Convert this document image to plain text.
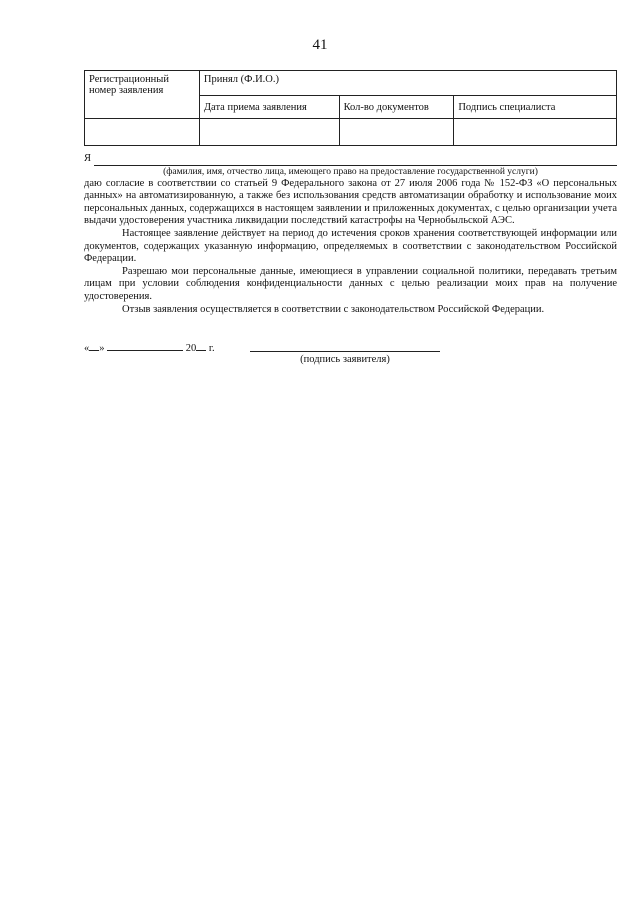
41
Регистрационный номер заявления	Принял (Ф.И.О.)		
	Дата приема заявления	Кол-во документов	Подпись специалиста

Я
(фамилия, имя, отчество лица, имеющего право на предоставление государственной услуги)

даю согласие в соответствии со статьей 9 Федерального закона от 27 июля 2006 года № 152-ФЗ «О персональных данных» на автоматизированную, а также без использования средств автоматизации обработку и использование моих персональных данных, содержащихся в настоящем заявлении и приложенных документах, с целью организации учета выдачи удостоверения участника ликвидации последствий катастрофы на Чернобыльской АЭС.

Настоящее заявление действует на период до истечения сроков хранения соответствующей информации или документов, содержащих указанную информацию, определяемых в соответствии с законодательством Российской Федерации.

Разрешаю мои персональные данные, имеющиеся в управлении социальной политики, передавать третьим лицам при условии соблюдения конфиденциальности данных с целью реализации моих прав на получение удостоверения.

Отзыв заявления осуществляется в соответствии с законодательством Российской Федерации.

« »	20 г.
(подпись заявителя)
